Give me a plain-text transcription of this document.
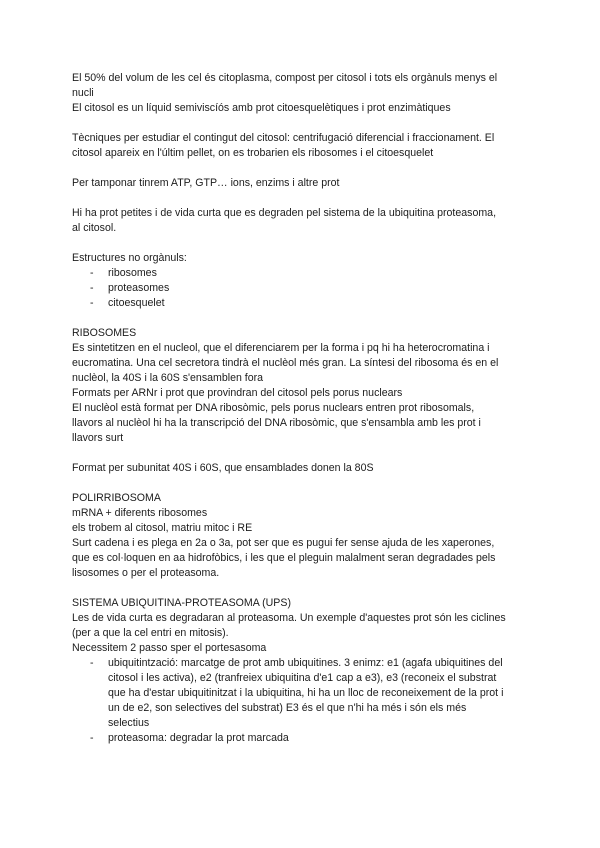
El 50% del volum de les cel és citoplasma, compost per citosol i tots els orgànuls menys el
nucli
El citosol es un líquid semiviscíós amb prot citoesquelètiques i prot enzimàtiques
Tècniques per estudiar el contingut del citosol: centrifugació diferencial i fraccionament. El
citosol apareix en l'últim pellet, on es trobarien els ribosomes i el citoesquelet
Per tamponar tinrem ATP, GTP… ions, enzims i altre prot
Hi ha prot petites i de vida curta que es degraden pel sistema de la ubiquitina proteasoma,
al citosol.
Estructures no orgànuls:
- ribosomes
- proteasomes
- citoesquelet
RIBOSOMES
Es sintetitzen en el nucleol, que el diferenciarem per la forma i pq hi ha heterocromatina i
eucromatina. Una cel secretora tindrà el nuclèol més gran. La síntesi del ribosoma és en el
nuclèol, la 40S i la 60S s'ensamblen fora
Formats per ARNr i prot que provindran del citosol pels porus nuclears
El nuclèol està format per DNA ribosòmic, pels porus nuclears entren prot ribosomals,
llavors al nuclèol hi ha la transcripció del DNA ribosòmic, que s'ensambla amb les prot i
llavors surt
Format per subunitat 40S i 60S, que ensamblades donen la 80S
POLIRRIBOSOMA
mRNA + diferents ribosomes
els trobem al citosol, matriu mitoc i RE
Surt cadena i es plega en 2a o 3a, pot ser que es pugui fer sense ajuda de les xaperones,
que es col·loquen en aa hidrofòbics, i les que el pleguin malalment seran degradades pels
lisosomes o per el proteasoma.
SISTEMA UBIQUITINA-PROTEASOMA (UPS)
Les de vida curta es degradaran al proteasoma. Un exemple d'aquestes prot són les ciclines
(per a que la cel entri en mitosis).
Necessitem 2 passo sper el portesasoma
- ubiquitintzació: marcatge de prot amb ubiquitines. 3 enimz: e1 (agafa ubiquitines del
citosol i les activa), e2 (tranfreiex ubiquitina d'e1 cap a e3), e3 (reconeix el substrat
que ha d'estar ubiquitinitzat i la ubiquitina, hi ha un lloc de reconeixement de la prot i
un de e2, son selectives del substrat) E3 és el que n'hi ha més i són els més
selectius
- proteasoma: degradar la prot marcada
